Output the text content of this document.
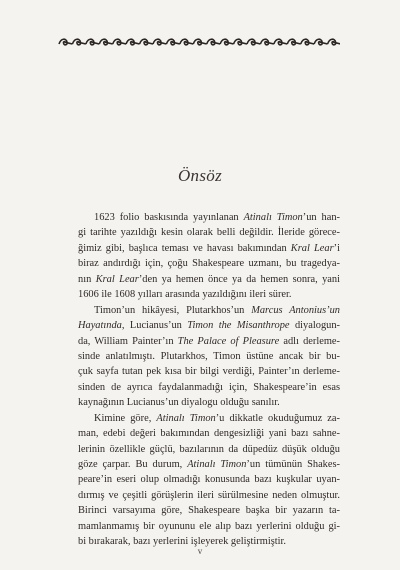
Önsöz
1623 folio baskısında yayınlanan Atinalı Timon’un han-
gi tarihte yazıldığı kesin olarak belli değildir. İleride görece-
ğimiz gibi, başlıca teması ve havası bakımından Kral Lear’i
biraz andırdığı için, çoğu Shakespeare uzmanı, bu tragedya-
nın Kral Lear’den ya hemen önce ya da hemen sonra, yani
1606 ile 1608 yılları arasında yazıldığını ileri sürer.
Timon’un hikâyesi, Plutarkhos’un Marcus Antonius’un
Hayatında, Lucianus’un Timon the Misanthrope diyalogun-
da, William Painter’ın The Palace of Pleasure adlı derleme-
sinde anlatılmıştı. Plutarkhos, Timon üstüne ancak bir bu-
çuk sayfa tutan pek kısa bir bilgi verdiği, Painter’ın derleme-
sinden de ayrıca faydalanmadığı için, Shakespeare’in esas
kaynağının Lucianus’un diyalogu olduğu sanılır.
Kimine göre, Atinalı Timon’u dikkatle okuduğumuz za-
man, edebi değeri bakımından dengesizliği yani bazı sahne-
lerinin özellikle güçlü, bazılarının da düpedüz düşük olduğu
göze çarpar. Bu durum, Atinalı Timon’un tümünün Shakes-
peare’in eseri olup olmadığı konusunda bazı kuşkular uyan-
dırmış ve çeşitli görüşlerin ileri sürülmesine neden olmuştur.
Birinci varsayıma göre, Shakespeare başka bir yazarın ta-
mamlanmamış bir oyununu ele alıp bazı yerlerini olduğu gi-
bi bırakarak, bazı yerlerini işleyerek geliştirmiştir.
v
